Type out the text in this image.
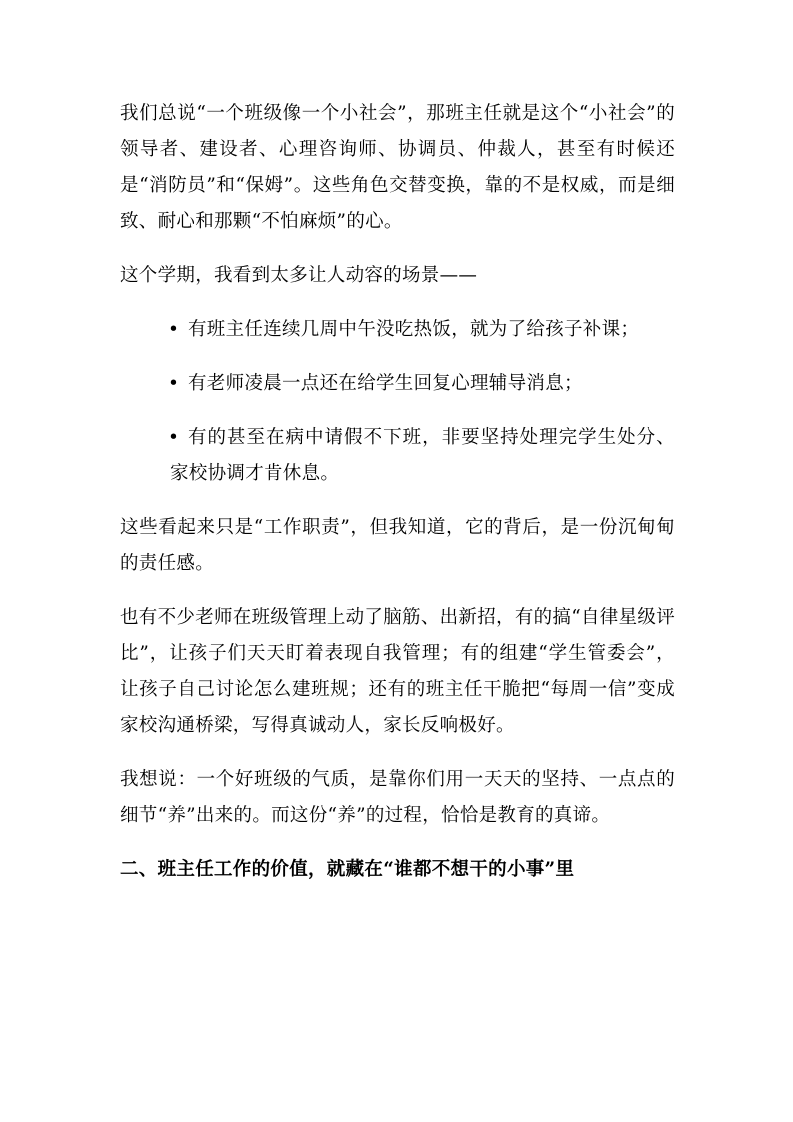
我们总说“一个班级像一个小社会”，那班主任就是这个“小社会”的领导者、建设者、心理咨询师、协调员、仲裁人，甚至有时候还是“消防员”和“保姆”。这些角色交替变换，靠的不是权威，而是细致、耐心和那颗“不怕麻烦”的心。

这个学期，我看到太多让人动容的场景——

• 有班主任连续几周中午没吃热饭，就为了给孩子补课；
• 有老师凌晨一点还在给学生回复心理辅导消息；
• 有的甚至在病中请假不下班，非要坚持处理完学生处分、家校协调才肯休息。

这些看起来只是“工作职责”，但我知道，它的背后，是一份沉甸甸的责任感。

也有不少老师在班级管理上动了脑筋、出新招，有的搞“自律星级评比”，让孩子们天天盯着表现自我管理；有的组建“学生管委会”，让孩子自己讨论怎么建班规；还有的班主任干脆把“每周一信”变成家校沟通桥梁，写得真诚动人，家长反响极好。

我想说：一个好班级的气质，是靠你们用一天天的坚持、一点点的细节“养”出来的。而这份“养”的过程，恰恰是教育的真谛。

二、班主任工作的价值，就藏在“谁都不想干的小事”里
